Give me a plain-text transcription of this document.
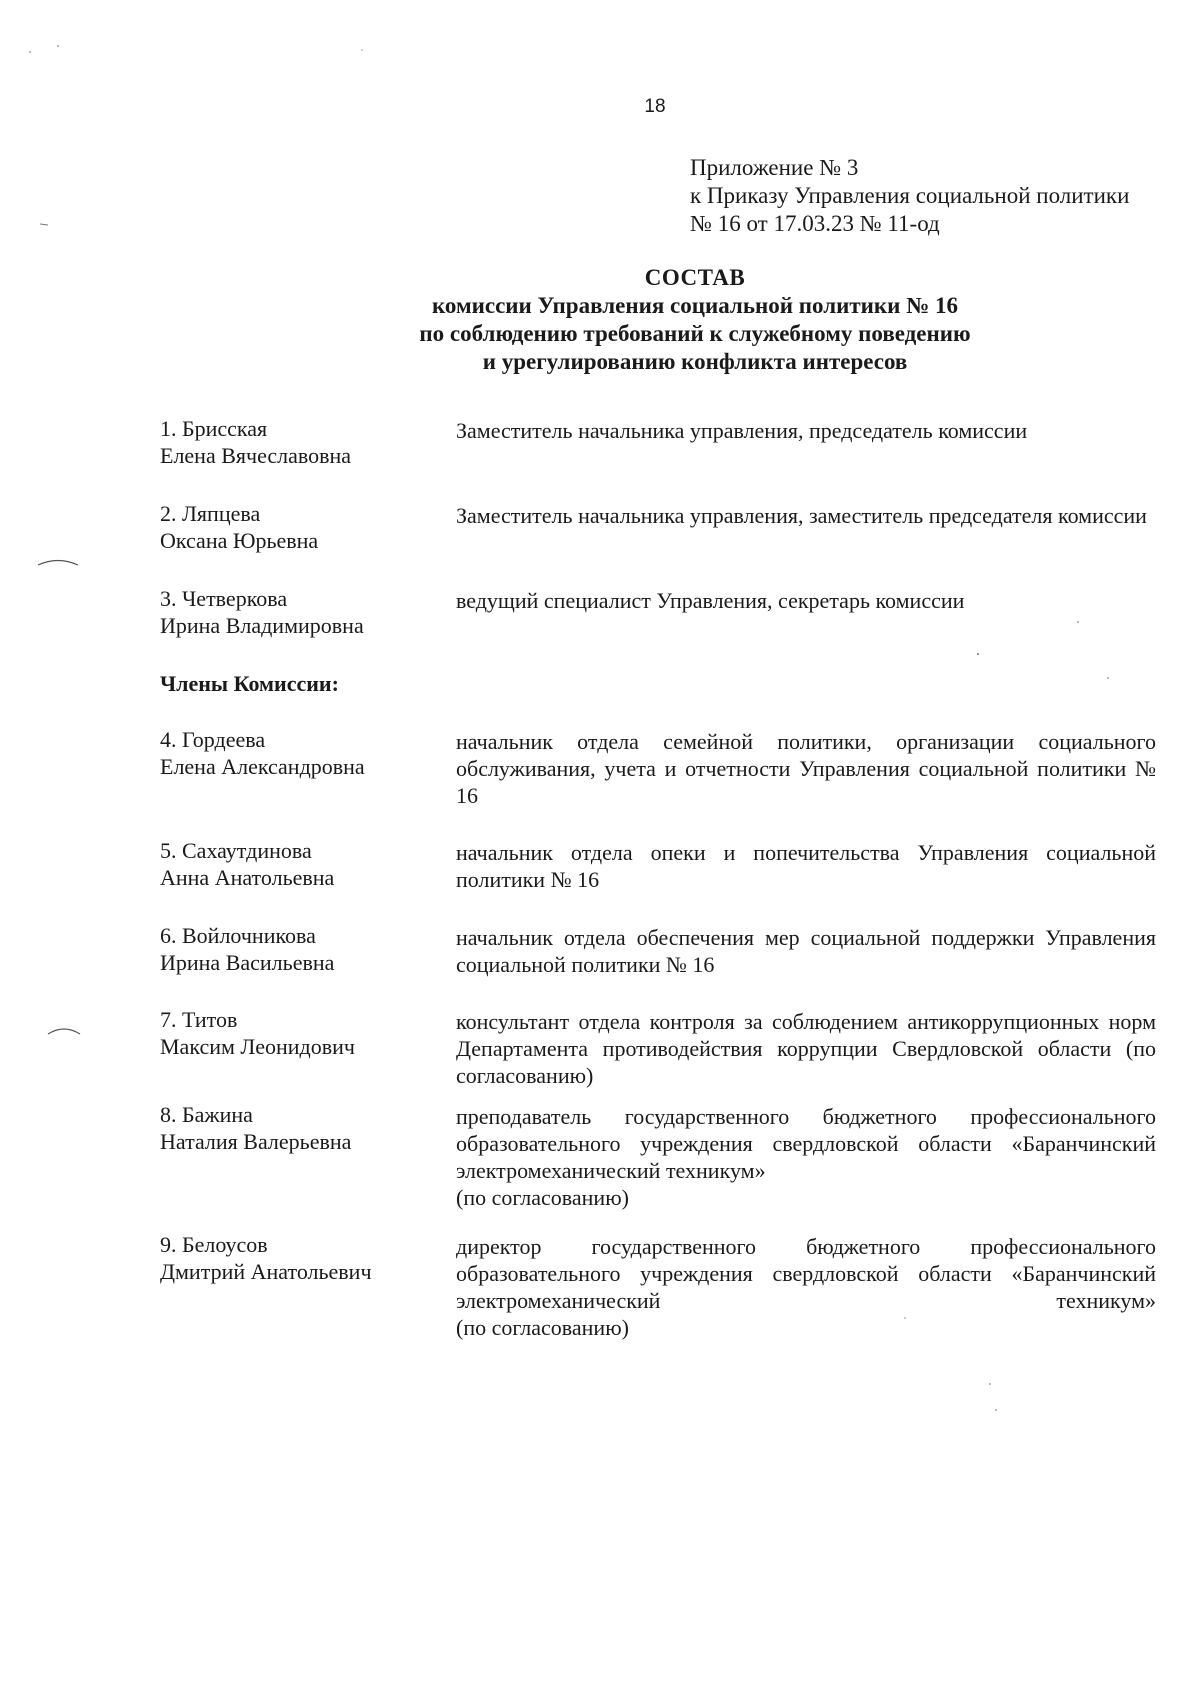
18
Приложение № 3
к Приказу Управления социальной политики
№ 16 от 17.03.23 № 11-од
СОСТАВ
комиссии Управления социальной политики № 16
по соблюдению требований к служебному поведению
и урегулированию конфликта интересов
1. Брисская
Елена Вячеславовна
Заместитель начальника управления, председатель комиссии
2. Ляпцева
Оксана Юрьевна
Заместитель начальника управления, заместитель председателя комиссии
3. Четверкова
Ирина Владимировна
ведущий специалист Управления, секретарь комиссии
Члены Комиссии:
4. Гордеева
Елена Александровна
начальник отдела семейной политики, организации социального обслуживания, учета и отчетности Управления социальной политики № 16
5. Сахаутдинова
Анна Анатольевна
начальник отдела опеки и попечительства Управления социальной политики № 16
6. Войлочникова
Ирина Васильевна
начальник отдела обеспечения мер социальной поддержки Управления социальной политики № 16
7. Титов
Максим Леонидович
консультант отдела контроля за соблюдением антикоррупционных норм Департамента противодействия коррупции Свердловской области (по согласованию)
8. Бажина
Наталия Валерьевна
преподаватель государственного бюджетного профессионального образовательного учреждения свердловской области «Баранчинский электромеханический техникум»
(по согласованию)
9. Белоусов
Дмитрий Анатольевич
директор государственного бюджетного профессионального образовательного учреждения свердловской области «Баранчинский электромеханический техникум»
(по согласованию)
